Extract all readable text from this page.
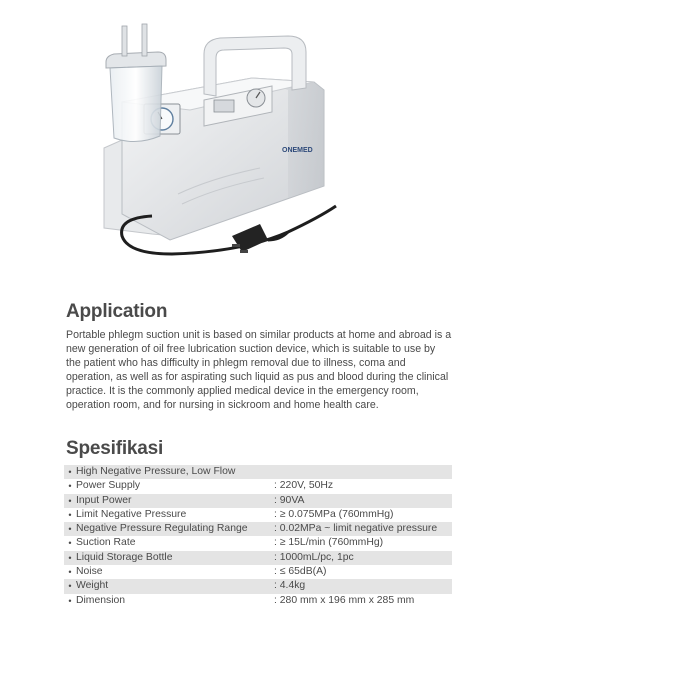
ONEMED
Application
Portable phlegm suction unit is based on similar products at home and abroad is a
new generation of oil free lubrication suction device, which is suitable to use by
the patient who has difficulty in phlegm removal due to illness, coma and
operation, as well as for aspirating such liquid as pus and blood during the clinical
practice. It is the commonly applied medical device in the emergency room,
operation room, and for nursing in sickroom and home health care.
Spesifikasi
• High Negative Pressure, Low Flow
• Power Supply	: 220V, 50Hz
• Input Power	: 90VA
• Limit Negative Pressure	: ≥ 0.075MPa (760mmHg)
• Negative Pressure Regulating Range	: 0.02MPa ~ limit negative pressure
• Suction Rate	: ≥ 15L/min (760mmHg)
• Liquid Storage Bottle	: 1000mL/pc, 1pc
• Noise	: ≤ 65dB(A)
• Weight	: 4.4kg
• Dimension	: 280 mm x 196 mm x 285 mm
